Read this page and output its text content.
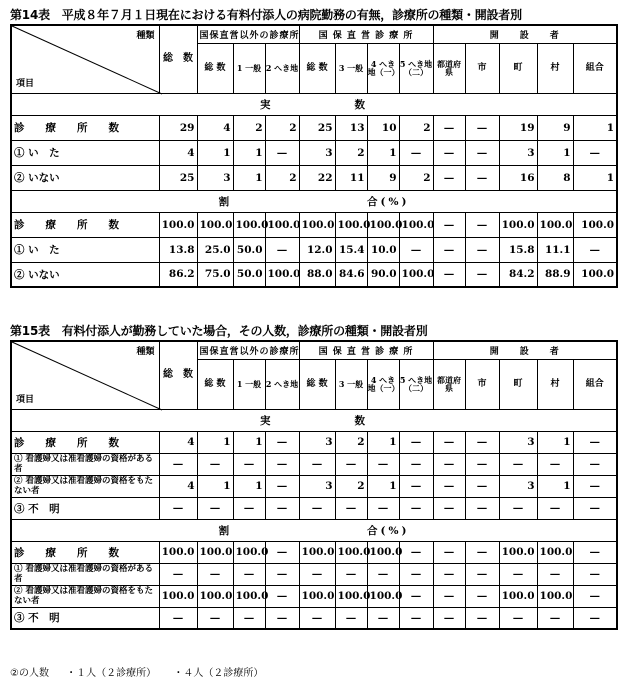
第14表　平成８年７月１日現在における有料付添人の病院勤務の有無，診療所の種類・開設者別
種類
項目	総　数	国保直営以外の診療所			国 保 直 営 診 療 所				開　　設　　者				
		総 数	1 一般	2 へき地	総 数	3 一般	4 へき地（一）	5 へき地（二）	都道府県	市	町	村	組合
実　　　　　　数													
診　　療　　所　　数	29	4	2	2	25	13	10	2	—	—	19	9	1
① い　た	4	1	1	—	3	2	1	—	—	—	3	1	—
② いない	25	3	1	2	22	11	9	2	—	—	16	8	1
割　　　　　　　　　　合(%)													
診　　療　　所　　数	100.0	100.0	100.0	100.0	100.0	100.0	100.0	100.0	—	—	100.0	100.0	100.0
① い　た	13.8	25.0	50.0	—	12.0	15.4	10.0	—	—	—	15.8	11.1	—
② いない	86.2	75.0	50.0	100.0	88.0	84.6	90.0	100.0	—	—	84.2	88.9	100.0
第15表　有料付添人が勤務していた場合，その人数，診療所の種類・開設者別
種類
項目	総　数	国保直営以外の診療所			国 保 直 営 診 療 所				開　　設　　者				
		総 数	1 一般	2 へき地	総 数	3 一般	4 へき地（一）	5 へき地（二）	都道府県	市	町	村	組合
実　　　　　　数													
診　　療　　所　　数	4	1	1	—	3	2	1	—	—	—	3	1	—
① 看護婦又は准看護婦の資格がある者	—	—	—	—	—	—	—	—	—	—	—	—	—
② 看護婦又は准看護婦の資格をもたない者	4	1	1	—	3	2	1	—	—	—	3	1	—
③ 不　明	—	—	—	—	—	—	—	—	—	—	—	—	—
割　　　　　　　　　　合(%)													
診　　療　　所　　数	100.0	100.0	100.0	—	100.0	100.0	100.0	—	—	—	100.0	100.0	—
① 看護婦又は准看護婦の資格がある者	—	—	—	—	—	—	—	—	—	—	—	—	—
② 看護婦又は准看護婦の資格をもたない者	100.0	100.0	100.0	—	100.0	100.0	100.0	—	—	—	100.0	100.0	—
③ 不　明	—	—	—	—	—	—	—	—	—	—	—	—	—
②の人数 ・１人（２診療所） ・４人（２診療所）
